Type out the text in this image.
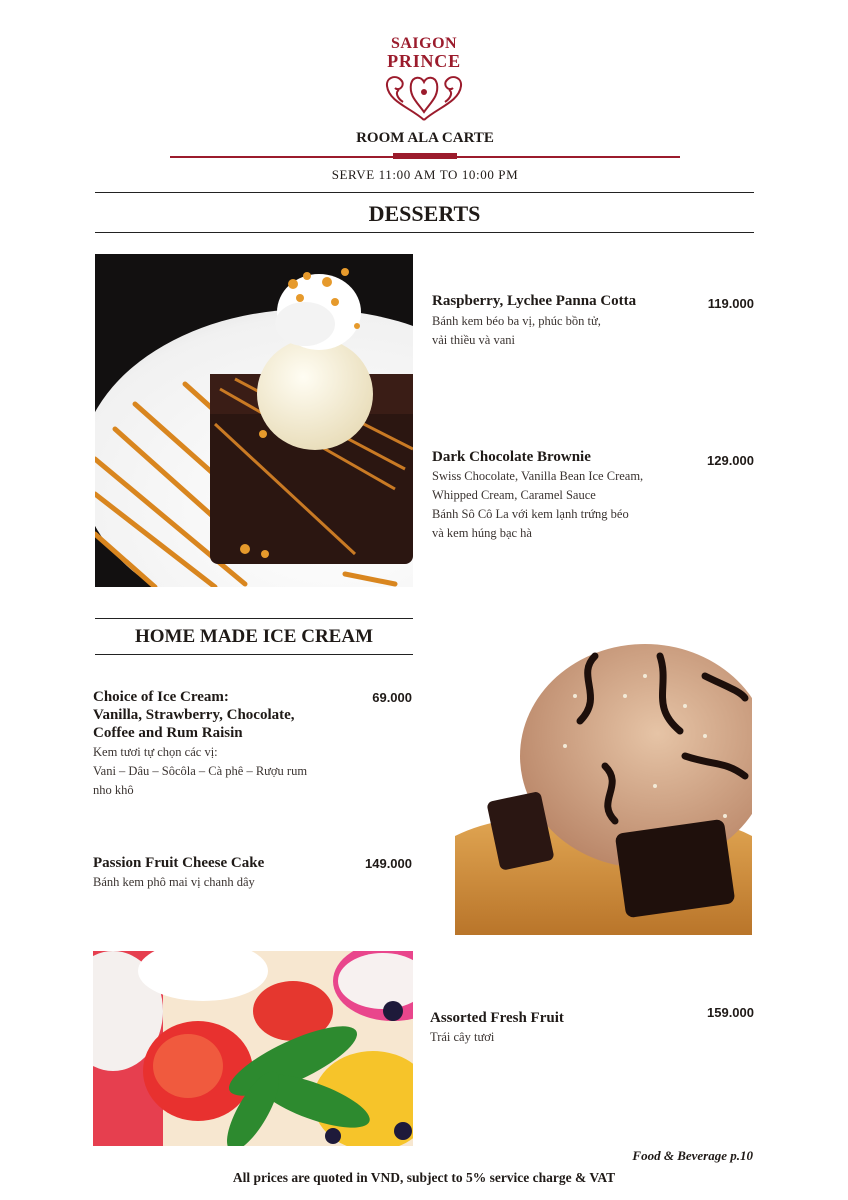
SAIGON
PRINCE
ROOM ALA CARTE
SERVE 11:00 AM TO 10:00 PM
DESSERTS
Raspberry, Lychee Panna Cotta	119.000
Bánh kem béo ba vị, phúc bồn tử,
vải thiều và vani
Dark Chocolate Brownie	129.000
Swiss Chocolate, Vanilla Bean Ice Cream,
Whipped Cream, Caramel Sauce
Bánh Sô Cô La với kem lạnh trứng béo
và kem húng bạc hà
HOME MADE ICE CREAM
Choice of Ice Cream:
Vanilla, Strawberry, Chocolate,
Coffee and Rum Raisin
69.000
Kem tươi tự chọn các vị:
Vani – Dâu – Sôcôla – Cà phê – Rượu rum
nho khô
Passion Fruit Cheese Cake	149.000
Bánh kem phô mai vị chanh dây
Assorted Fresh Fruit	159.000
Trái cây tươi
Food & Beverage p.10
All prices are quoted in VND, subject to 5% service charge & VAT
